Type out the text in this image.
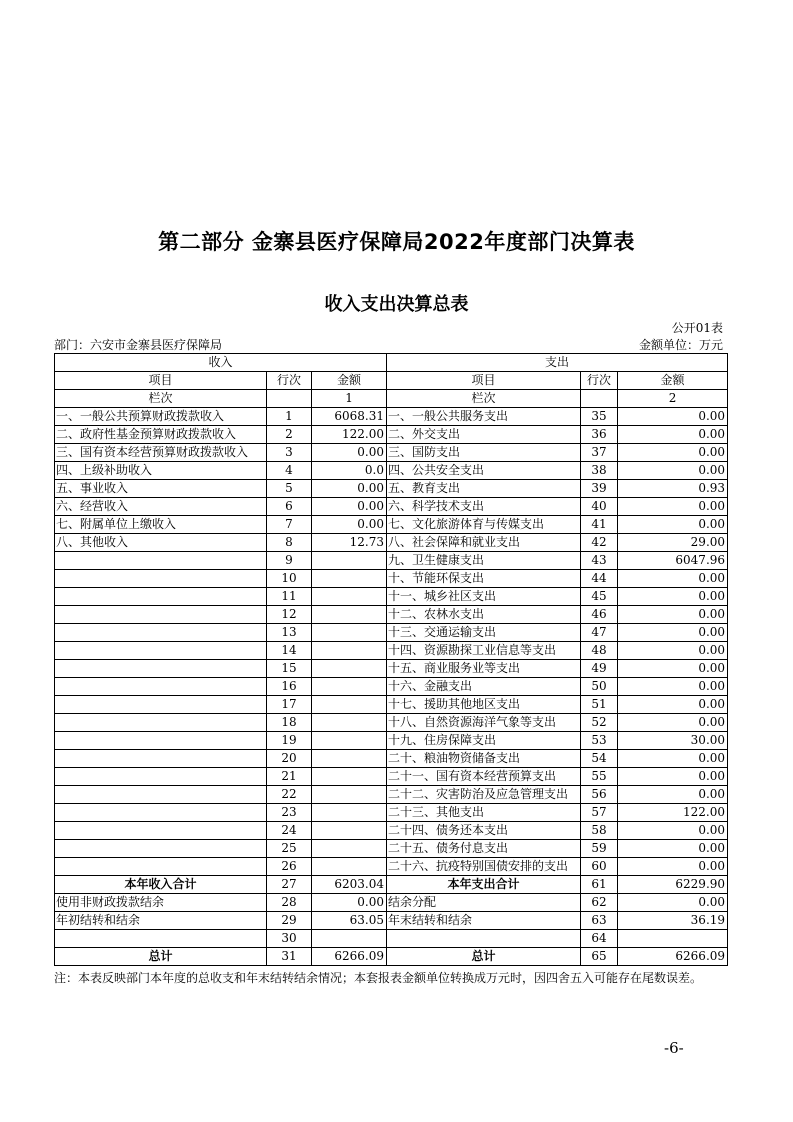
第二部分 金寨县医疗保障局2022年度部门决算表
收入支出决算总表
公开01表
部门：六安市金寨县医疗保障局	金额单位：万元
收入			支出		
项目	行次	金额	项目	行次	金额
栏次		1	栏次		2
一、一般公共预算财政拨款收入	1	6068.31	一、一般公共服务支出	35	0.00
二、政府性基金预算财政拨款收入	2	122.00	二、外交支出	36	0.00
三、国有资本经营预算财政拨款收入	3	0.00	三、国防支出	37	0.00
四、上级补助收入	4	0.0	四、公共安全支出	38	0.00
五、事业收入	5	0.00	五、教育支出	39	0.93
六、经营收入	6	0.00	六、科学技术支出	40	0.00
七、附属单位上缴收入	7	0.00	七、文化旅游体育与传媒支出	41	0.00
八、其他收入	8	12.73	八、社会保障和就业支出	42	29.00
	9		九、卫生健康支出	43	6047.96
	10		十、节能环保支出	44	0.00
	11		十一、城乡社区支出	45	0.00
	12		十二、农林水支出	46	0.00
	13		十三、交通运输支出	47	0.00
	14		十四、资源勘探工业信息等支出	48	0.00
	15		十五、商业服务业等支出	49	0.00
	16		十六、金融支出	50	0.00
	17		十七、援助其他地区支出	51	0.00
	18		十八、自然资源海洋气象等支出	52	0.00
	19		十九、住房保障支出	53	30.00
	20		二十、粮油物资储备支出	54	0.00
	21		二十一、国有资本经营预算支出	55	0.00
	22		二十二、灾害防治及应急管理支出	56	0.00
	23		二十三、其他支出	57	122.00
	24		二十四、债务还本支出	58	0.00
	25		二十五、债务付息支出	59	0.00
	26		二十六、抗疫特别国债安排的支出	60	0.00
本年收入合计	27	6203.04	本年支出合计	61	6229.90
使用非财政拨款结余	28	0.00	结余分配	62	0.00
年初结转和结余	29	63.05	年末结转和结余	63	36.19
	30			64	
总计	31	6266.09	总计	65	6266.09
注：本表反映部门本年度的总收支和年末结转结余情况；本套报表金额单位转换成万元时，因四舍五入可能存在尾数误差。
-6-
